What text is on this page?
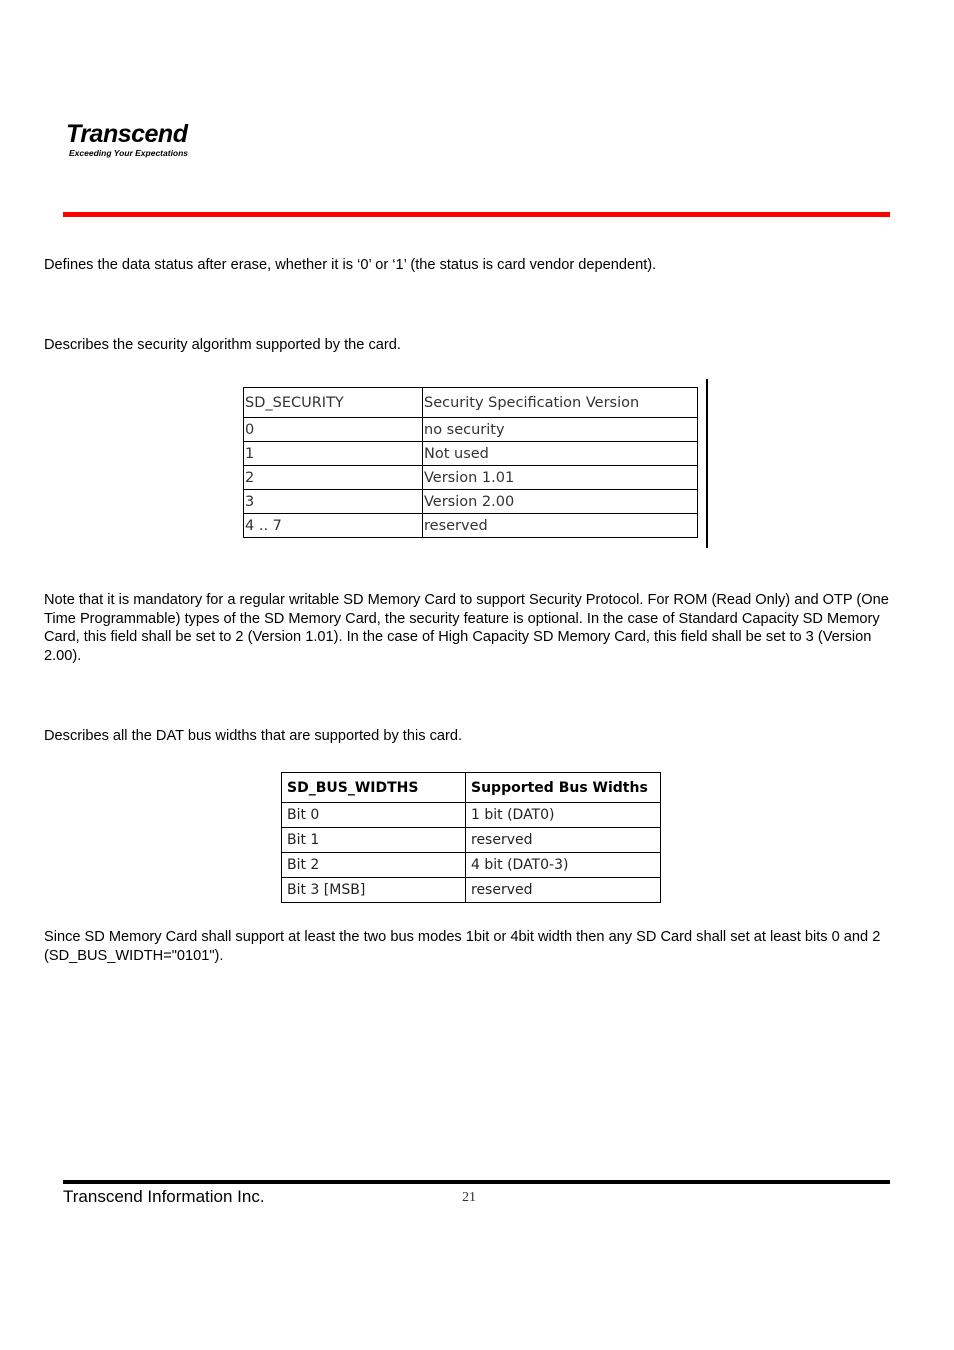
Transcend
Exceeding Your Expectations

Defines the data status after erase, whether it is ‘0’ or ‘1’ (the status is card vendor dependent).

Describes the security algorithm supported by the card.

SD_SECURITY	Security Specification Version
0	no security
1	Not used
2	Version 1.01
3	Version 2.00
4 .. 7	reserved

Note that it is mandatory for a regular writable SD Memory Card to support Security Protocol. For ROM (Read Only) and OTP (One Time Programmable) types of the SD Memory Card, the security feature is optional. In the case of Standard Capacity SD Memory Card, this field shall be set to 2 (Version 1.01). In the case of High Capacity SD Memory Card, this field shall be set to 3 (Version 2.00).

Describes all the DAT bus widths that are supported by this card.

SD_BUS_WIDTHS	Supported Bus Widths
Bit 0	1 bit (DAT0)
Bit 1	reserved
Bit 2	4 bit (DAT0-3)
Bit 3 [MSB]	reserved

Since SD Memory Card shall support at least the two bus modes 1bit or 4bit width then any SD Card shall set at least bits 0 and 2 (SD_BUS_WIDTH="0101").

Transcend Information Inc.	21
